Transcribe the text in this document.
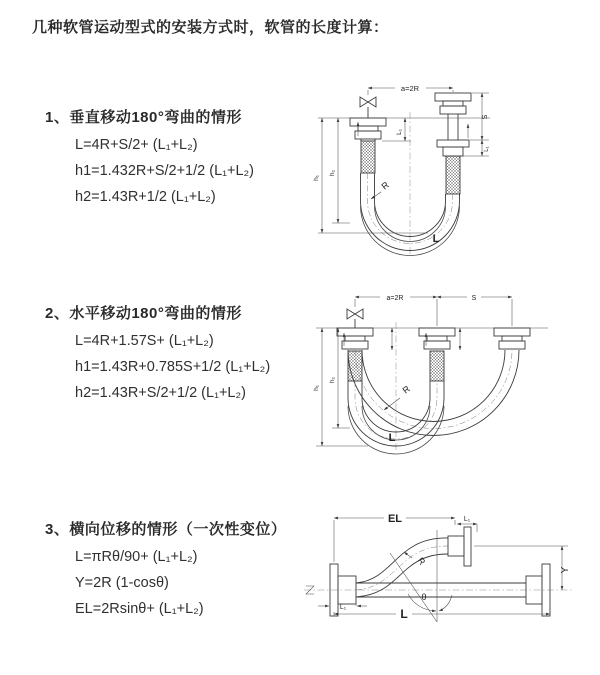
几种软管运动型式的安装方式时，软管的长度计算：
1、垂直移动180°弯曲的情形
L=4R+S/2+ (L₁+L₂)
h1=1.432R+S/2+1/2 (L₁+L₂)
h2=1.43R+1/2 (L₁+L₂)
2、水平移动180°弯曲的情形
L=4R+1.57S+ (L₁+L₂)
h1=1.43R+0.785S+1/2 (L₁+L₂)
h2=1.43R+S/2+1/2 (L₁+L₂)
3、横向位移的情形（一次性变位）
L=πRθ/90+ (L₁+L₂)
Y=2R (1-cosθ)
EL=2Rsinθ+ (L₁+L₂)
a=2R
L₁
S
L₁
R
h₁
h₂
L
a=2R	S
R
h₁
h₂
L
EL	L₁
Y
θ
R
L₁	L
